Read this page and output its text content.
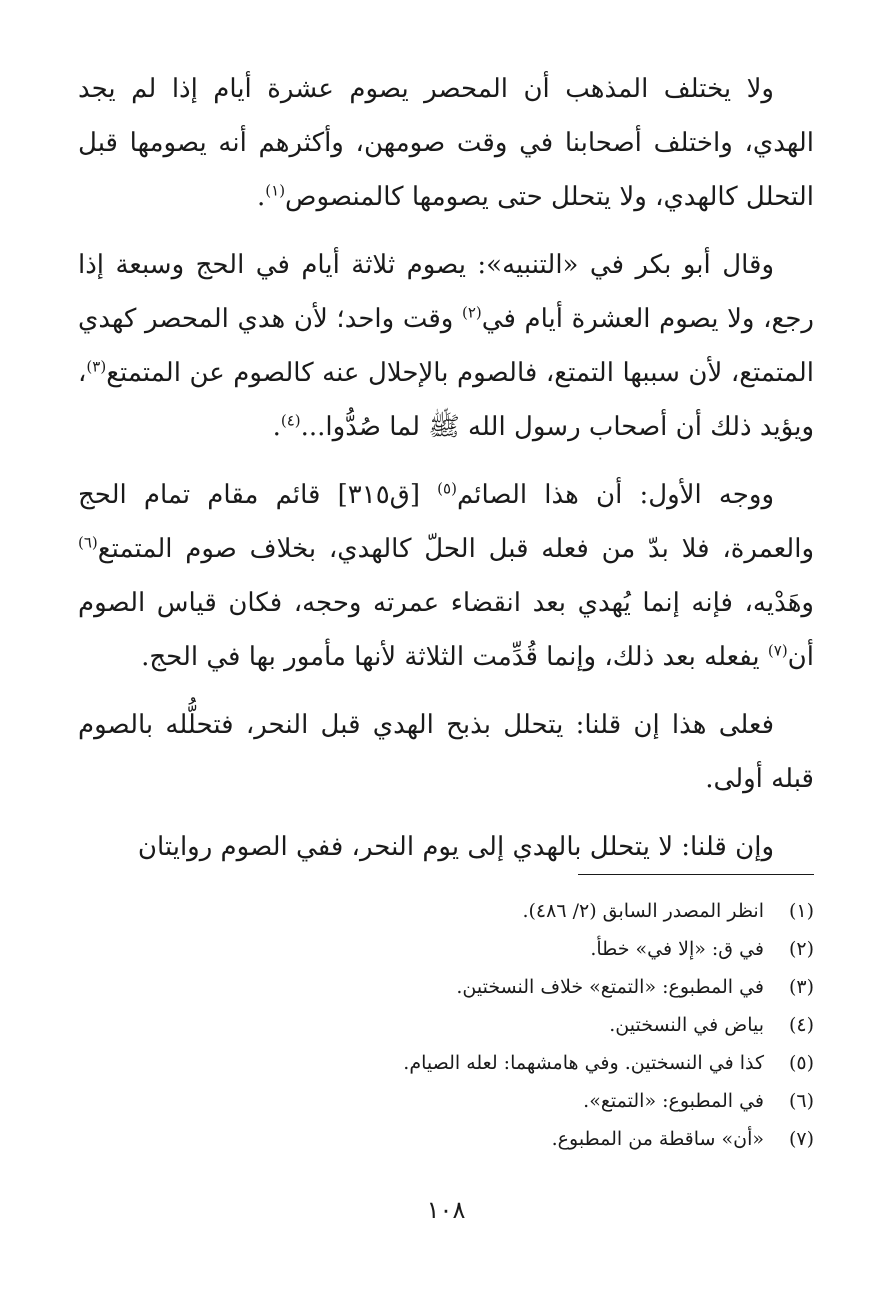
ولا يختلف المذهب أن المحصر يصوم عشرة أيام إذا لم يجد الهدي، واختلف أصحابنا في وقت صومهن، وأكثرهم أنه يصومها قبل التحلل كالهدي، ولا يتحلل حتى يصومها كالمنصوص$^{(١)}$.

وقال أبو بكر في «التنبيه»: يصوم ثلاثة أيام في الحج وسبعة إذا رجع، ولا يصوم العشرة أيام في$^{(٢)}$ وقت واحد؛ لأن هدي المحصر كهدي المتمتع، لأن سببها التمتع، فالصوم بالإحلال عنه كالصوم عن المتمتع$^{(٣)}$، ويؤيد ذلك أن أصحاب رسول الله ﷺ لما صُدُّوا...$^{(٤)}$.

ووجه الأول: أن هذا الصائم$^{(٥)}$ [ق٣١٥] قائم مقام تمام الحج والعمرة، فلا بدّ من فعله قبل الحلّ كالهدي، بخلاف صوم المتمتع$^{(٦)}$ وهَدْيه، فإنه إنما يُهدي بعد انقضاء عمرته وحجه، فكان قياس الصوم أن$^{(٧)}$ يفعله بعد ذلك، وإنما قُدِّمت الثلاثة لأنها مأمور بها في الحج.

فعلى هذا إن قلنا: يتحلل بذبح الهدي قبل النحر، فتحلُّله بالصوم قبله أولى.

وإن قلنا: لا يتحلل بالهدي إلى يوم النحر، ففي الصوم روايتان

(١)انظر المصدر السابق (٢/ ٤٨٦).
(٢)في ق: «إلا في» خطأ.
(٣)في المطبوع: «التمتع» خلاف النسختين.
(٤)بياض في النسختين.
(٥)كذا في النسختين. وفي هامشهما: لعله الصيام.
(٦)في المطبوع: «التمتع».
(٧)«أن» ساقطة من المطبوع.
١٠٨
